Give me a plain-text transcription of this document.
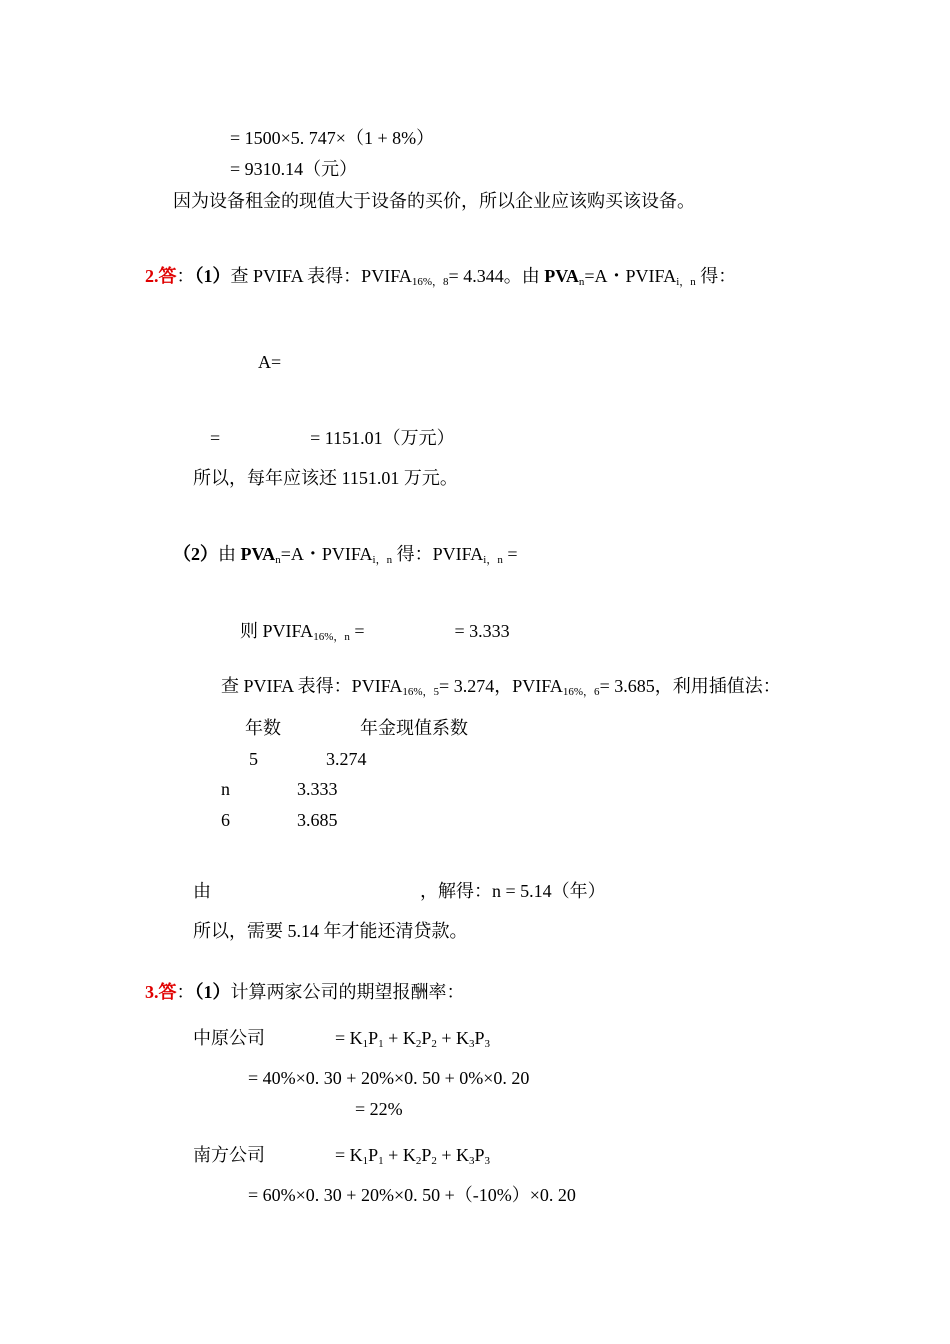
= 1500×5. 747×（1 + 8%）
= 9310.14（元）
因为设备租金的现值大于设备的买价，所以企业应该购买该设备。
2.答：（1）查 PVIFA 表得：$PVIFA_{16\%,8}= 4.344$。由 $PVA_n=A$・$PVIFA_{i,n}$ 得：
A=
=                    = 1151.01（万元）
所以，每年应该还 1151.01 万元。
（2）由 $PVA_n=A$・$PVIFA_{i,n}$ 得：$PVIFA_{i,n}$ =
则 $PVIFA_{16\%,n}$ =                    = 3.333
查 PVIFA 表得：$PVIFA_{16\%,5}= 3.274$，$PVIFA_{16\%,6}= 3.685$，利用插值法：
年数	年金现值系数
5	3.274
n	3.333
6	3.685
由	，解得：n = 5.14（年）
所以，需要 5.14 年才能还清贷款。
3.答：（1）计算两家公司的期望报酬率：
中原公司	= $K_1P_1 + K_2P_2 + K_3P_3$
= 40%×0. 30 + 20%×0. 50 + 0%×0. 20
= 22%
南方公司	= $K_1P_1 + K_2P_2 + K_3P_3$
= 60%×0. 30 + 20%×0. 50 +（-10%）×0. 20
